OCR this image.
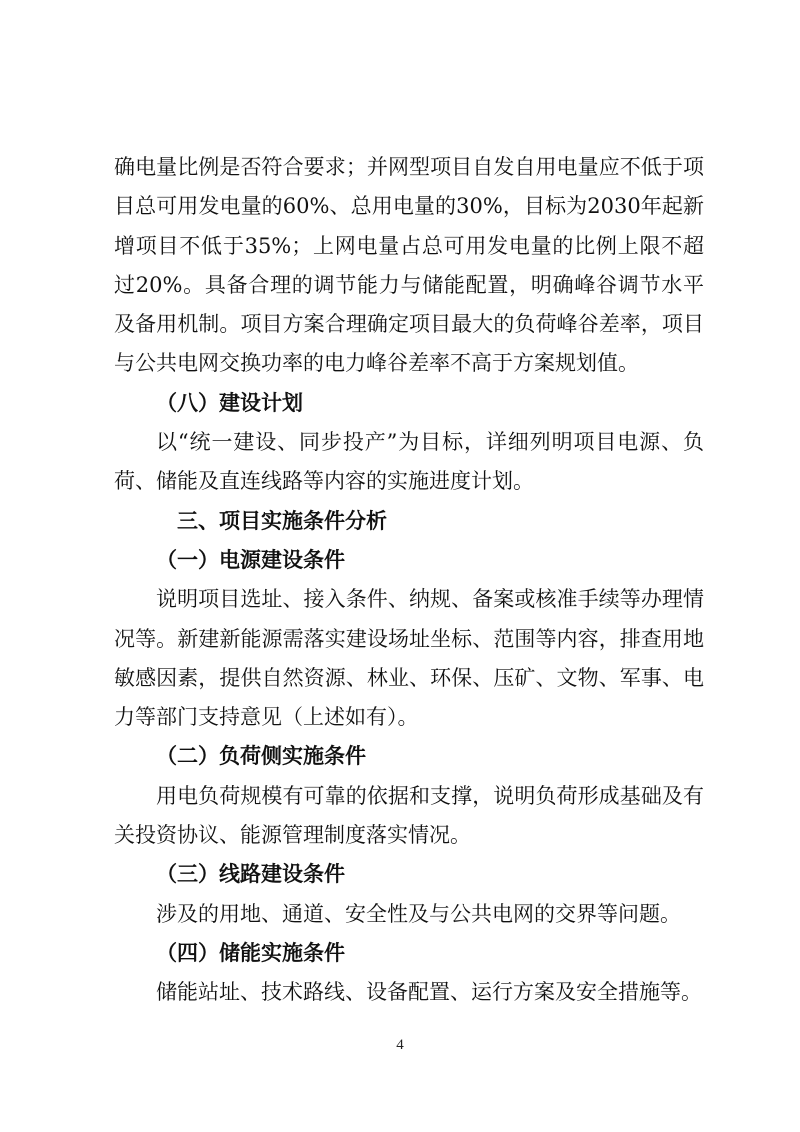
确电量比例是否符合要求；并网型项目自发自用电量应不低于项目总可用发电量的60%、总用电量的30%，目标为2030年起新增项目不低于35%；上网电量占总可用发电量的比例上限不超过20%。具备合理的调节能力与储能配置，明确峰谷调节水平及备用机制。项目方案合理确定项目最大的负荷峰谷差率，项目与公共电网交换功率的电力峰谷差率不高于方案规划值。

（八）建设计划

以“统一建设、同步投产”为目标，详细列明项目电源、负荷、储能及直连线路等内容的实施进度计划。

三、项目实施条件分析

（一）电源建设条件

说明项目选址、接入条件、纳规、备案或核准手续等办理情况等。新建新能源需落实建设场址坐标、范围等内容，排查用地敏感因素，提供自然资源、林业、环保、压矿、文物、军事、电力等部门支持意见（上述如有）。

（二）负荷侧实施条件

用电负荷规模有可靠的依据和支撑，说明负荷形成基础及有关投资协议、能源管理制度落实情况。

（三）线路建设条件

涉及的用地、通道、安全性及与公共电网的交界等问题。

（四）储能实施条件

储能站址、技术路线、设备配置、运行方案及安全措施等。

4
